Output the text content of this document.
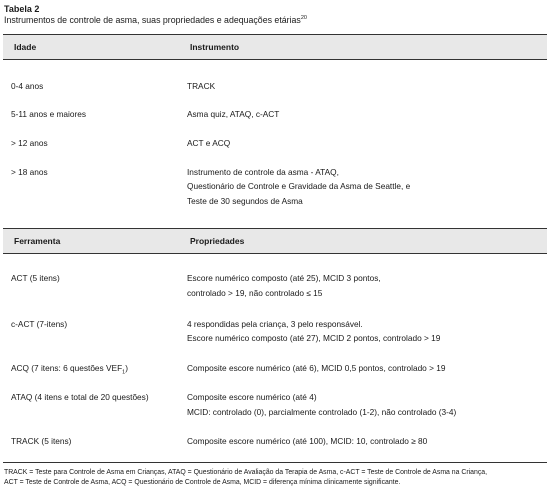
Tabela 2
Instrumentos de controle de asma, suas propriedades e adequações etárias$^{20}$
Idade	Instrumento
0-4 anos	TRACK
5-11 anos e maiores	Asma quiz, ATAQ, c-ACT
> 12 anos	ACT e ACQ
> 18 anos	Instrumento de controle da asma - ATAQ,
Questionário de Controle e Gravidade da Asma de Seattle, e
Teste de 30 segundos de Asma
Ferramenta	Propriedades
ACT (5 itens)	Escore numérico composto (até 25), MCID 3 pontos,
controlado > 19, não controlado ≤ 15
c-ACT (7-itens)	4 respondidas pela criança, 3 pelo responsável.
Escore numérico composto (até 27), MCID 2 pontos, controlado > 19
ACQ (7 itens: 6 questões $VEF_1$)	Composite escore numérico (até 6), MCID 0,5 pontos, controlado > 19
ATAQ (4 itens e total de 20 questões)	Composite escore numérico (até 4)
MCID: controlado (0), parcialmente controlado (1-2), não controlado (3-4)
TRACK (5 itens)	Composite escore numérico (até 100), MCID: 10, controlado ≥ 80
TRACK = Teste para Controle de Asma em Crianças, ATAQ = Questionário de Avaliação da Terapia de Asma, c-ACT = Teste de Controle de Asma na Criança,
ACT = Teste de Controle de Asma, ACQ = Questionário de Controle de Asma, MCID = diferença mínima clinicamente significante.
